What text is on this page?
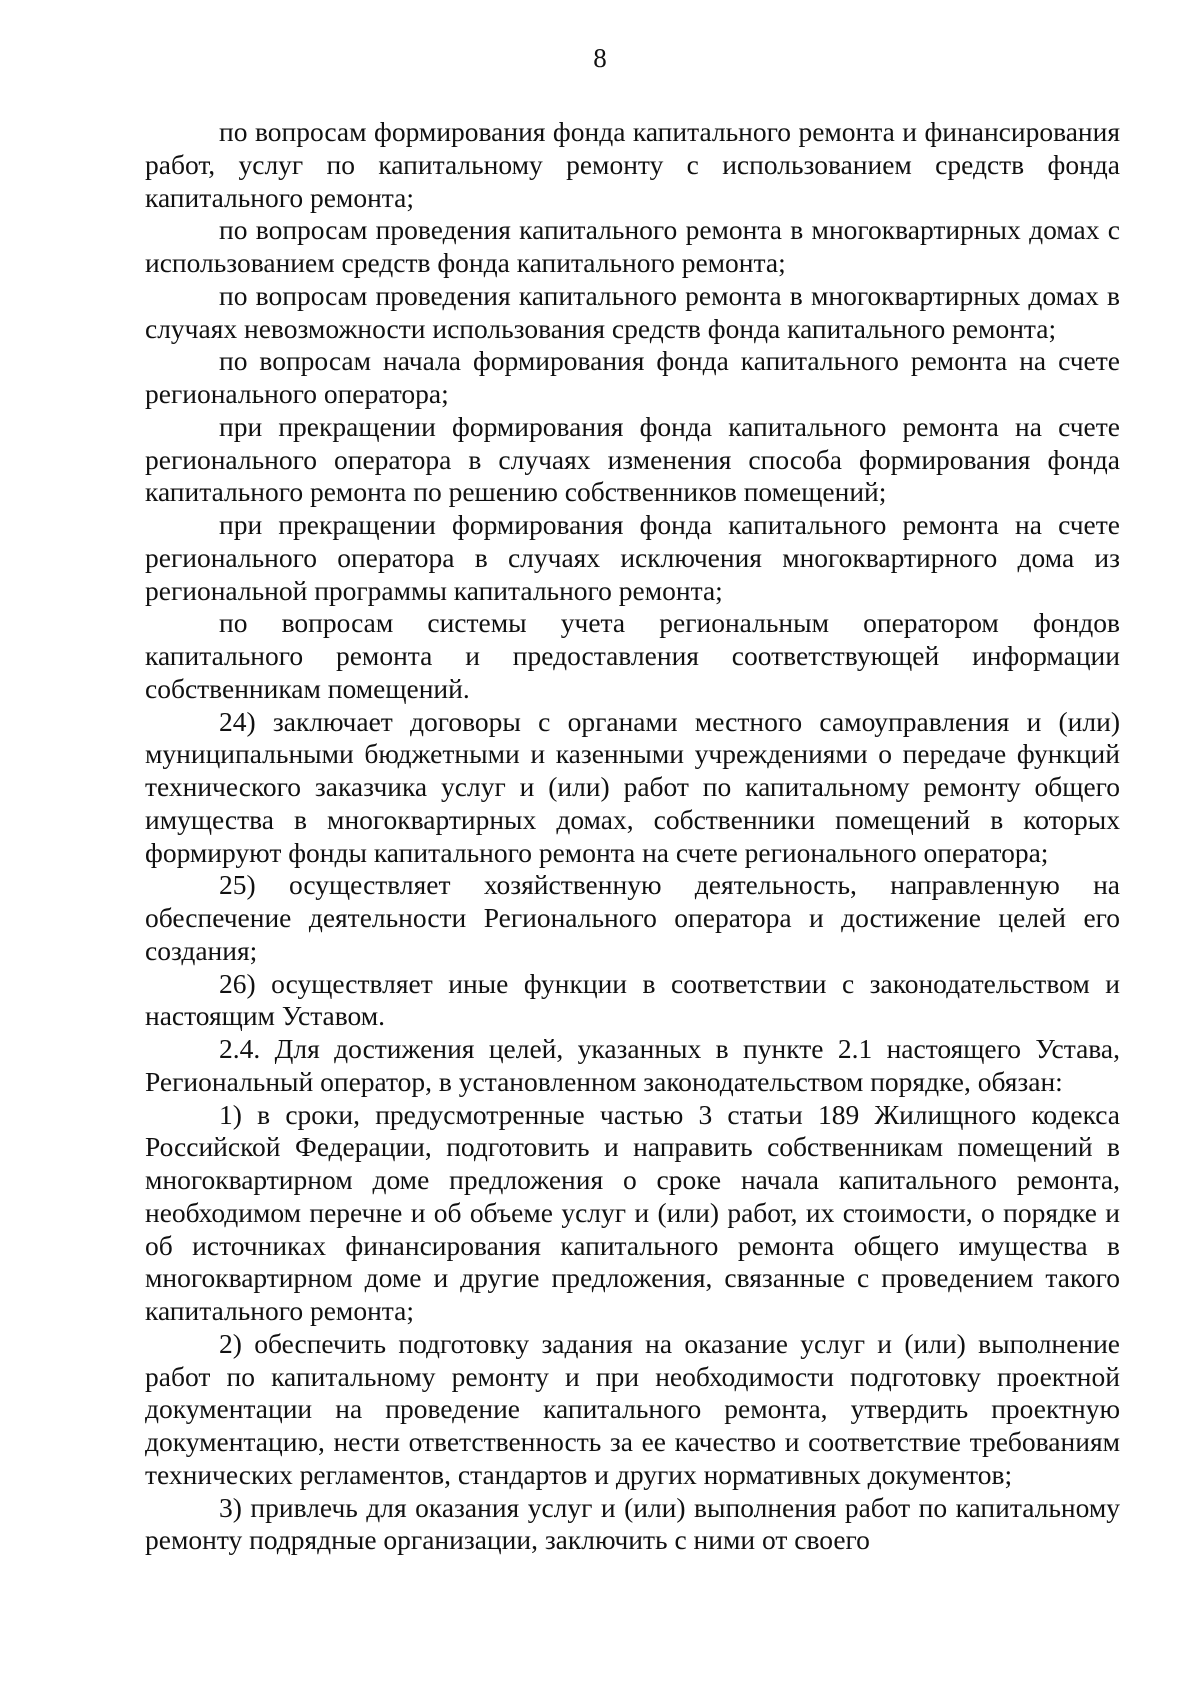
8

по вопросам формирования фонда капитального ремонта и финансирования работ, услуг по капитальному ремонту с использованием средств фонда капитального ремонта;

по вопросам проведения капитального ремонта в многоквартирных домах с использованием средств фонда капитального ремонта;

по вопросам проведения капитального ремонта в многоквартирных домах в случаях невозможности использования средств фонда капитального ремонта;

по вопросам начала формирования фонда капитального ремонта на счете регионального оператора;

при прекращении формирования фонда капитального ремонта на счете регионального оператора в случаях изменения способа формирования фонда капитального ремонта по решению собственников помещений;

при прекращении формирования фонда капитального ремонта на счете регионального оператора в случаях исключения многоквартирного дома из региональной программы капитального ремонта;

по вопросам системы учета региональным оператором фондов капитального ремонта и предоставления соответствующей информации собственникам помещений.

24) заключает договоры с органами местного самоуправления и (или) муниципальными бюджетными и казенными учреждениями о передаче функций технического заказчика услуг и (или) работ по капитальному ремонту общего имущества в многоквартирных домах, собственники помещений в которых формируют фонды капитального ремонта на счете регионального оператора;

25) осуществляет хозяйственную деятельность, направленную на обеспечение деятельности Регионального оператора и достижение целей его создания;

26) осуществляет иные функции в соответствии с законодательством и настоящим Уставом.

2.4. Для достижения целей, указанных в пункте 2.1 настоящего Устава, Региональный оператор, в установленном законодательством порядке, обязан:

1) в сроки, предусмотренные частью 3 статьи 189 Жилищного кодекса Российской Федерации, подготовить и направить собственникам помещений в многоквартирном доме предложения о сроке начала капитального ремонта, необходимом перечне и об объеме услуг и (или) работ, их стоимости, о порядке и об источниках финансирования капитального ремонта общего имущества в многоквартирном доме и другие предложения, связанные с проведением такого капитального ремонта;

2) обеспечить подготовку задания на оказание услуг и (или) выполнение работ по капитальному ремонту и при необходимости подготовку проектной документации на проведение капитального ремонта, утвердить проектную документацию, нести ответственность за ее качество и соответствие требованиям технических регламентов, стандартов и других нормативных документов;

3) привлечь для оказания услуг и (или) выполнения работ по капитальному ремонту подрядные организации, заключить с ними от своего
